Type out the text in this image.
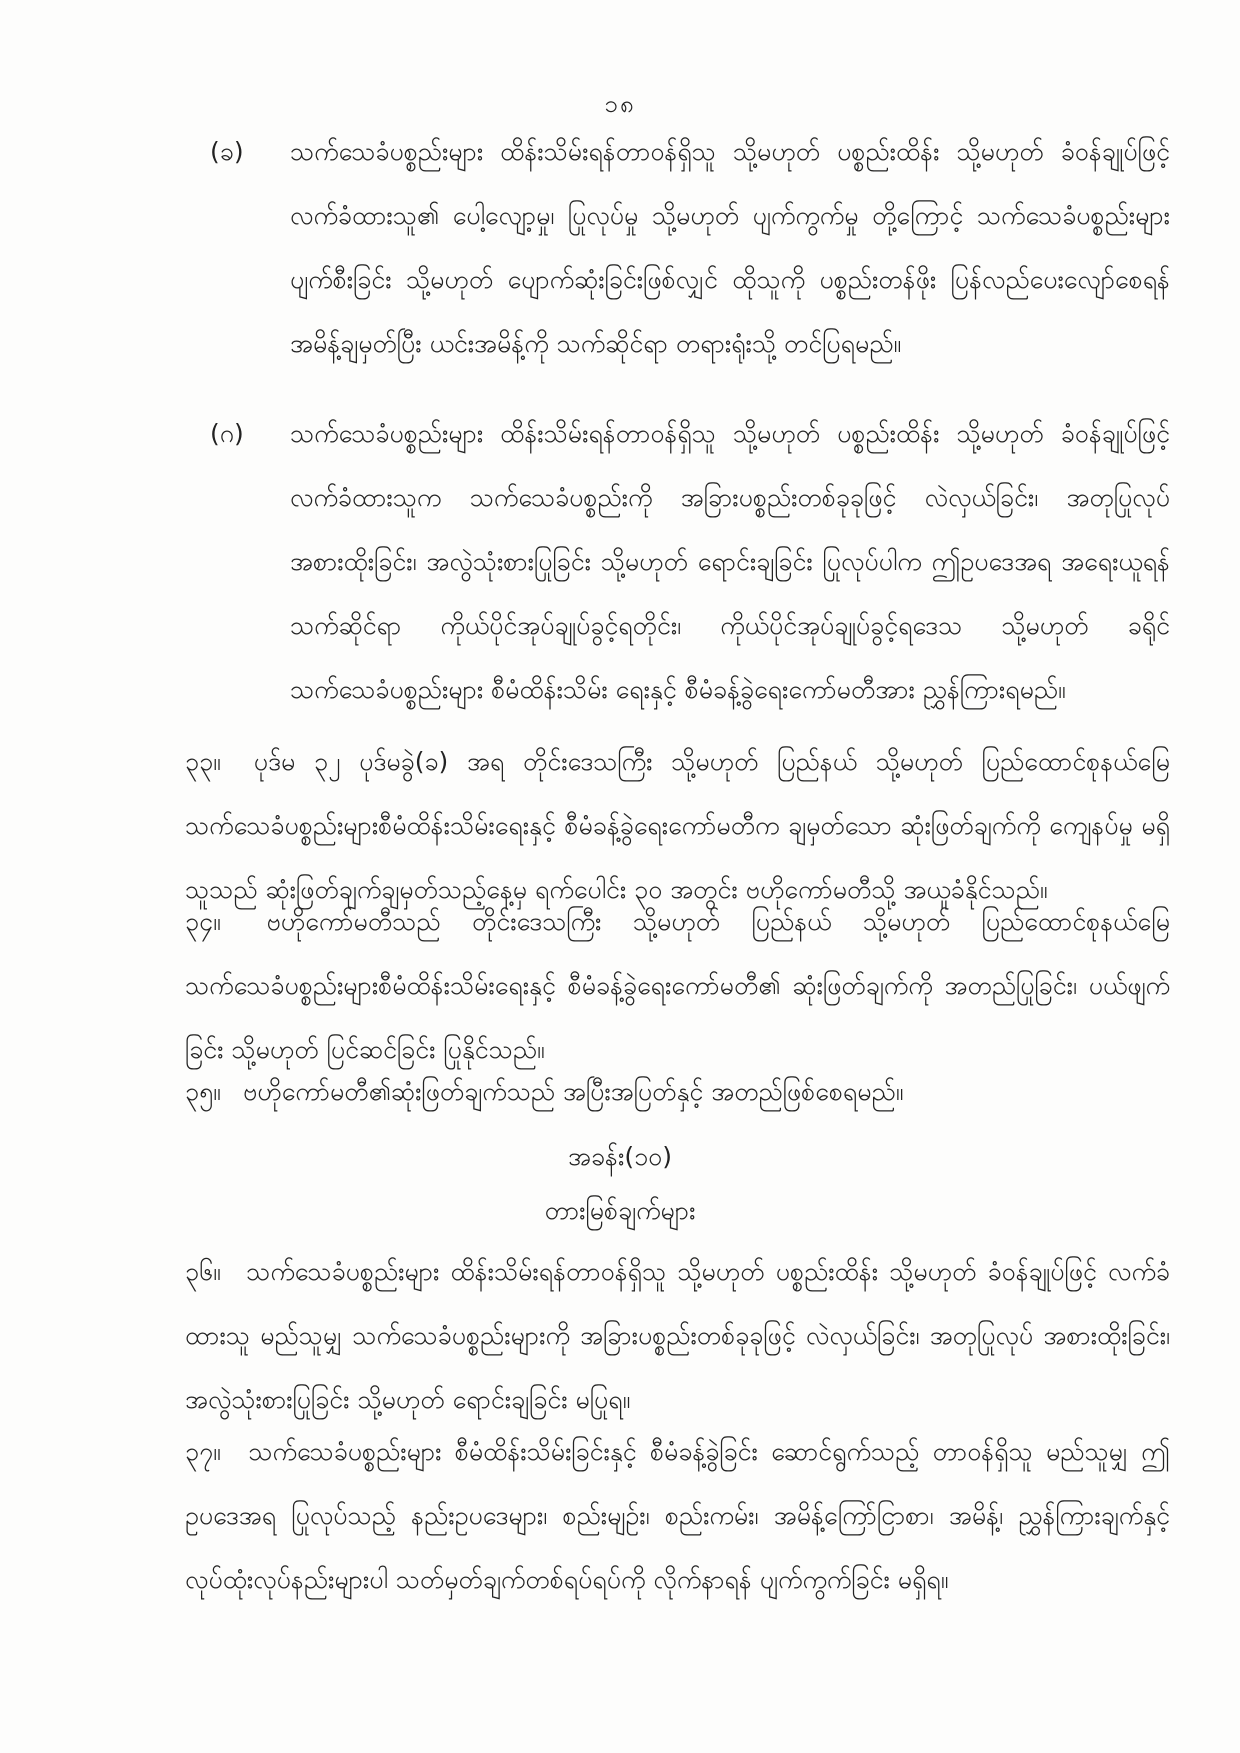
၁၈
(ခ)	သက်သေခံပစ္စည်းများ ထိန်းသိမ်းရန်တာဝန်ရှိသူ သို့မဟုတ် ပစ္စည်းထိန်း သို့မဟုတ် ခံဝန်ချုပ်ဖြင့် လက်ခံထားသူ၏ ပေါ့လျော့မှု၊ ပြုလုပ်မှု သို့မဟုတ် ပျက်ကွက်မှု တို့ကြောင့် သက်သေခံပစ္စည်းများ ပျက်စီးခြင်း သို့မဟုတ် ပျောက်ဆုံးခြင်းဖြစ်လျှင် ထိုသူကို ပစ္စည်းတန်ဖိုး ပြန်လည်ပေးလျော်စေရန် အမိန့်ချမှတ်ပြီး ယင်းအမိန့်ကို သက်ဆိုင်ရာ တရားရုံးသို့ တင်ပြရမည်။
(ဂ)	သက်သေခံပစ္စည်းများ ထိန်းသိမ်းရန်တာဝန်ရှိသူ သို့မဟုတ် ပစ္စည်းထိန်း သို့မဟုတ် ခံဝန်ချုပ်ဖြင့်လက်ခံထားသူက သက်သေခံပစ္စည်းကို အခြားပစ္စည်းတစ်ခုခုဖြင့် လဲလှယ်ခြင်း၊ အတုပြုလုပ်အစားထိုးခြင်း၊ အလွဲသုံးစားပြုခြင်း သို့မဟုတ် ရောင်းချခြင်း ပြုလုပ်ပါက ဤဥပဒေအရ အရေးယူရန် သက်ဆိုင်ရာ ကိုယ်ပိုင်အုပ်ချုပ်ခွင့်ရတိုင်း၊ ကိုယ်ပိုင်အုပ်ချုပ်ခွင့်ရဒေသ သို့မဟုတ် ခရိုင်သက်သေခံပစ္စည်းများ စီမံထိန်းသိမ်း ရေးနှင့် စီမံခန့်ခွဲရေးကော်မတီအား ညွှန်ကြားရမည်။
၃၃။ ပုဒ်မ ၃၂ ပုဒ်မခွဲ(ခ) အရ တိုင်းဒေသကြီး သို့မဟုတ် ပြည်နယ် သို့မဟုတ် ပြည်ထောင်စုနယ်မြေ သက်သေခံပစ္စည်းများစီမံထိန်းသိမ်းရေးနှင့် စီမံခန့်ခွဲရေးကော်မတီက ချမှတ်သော ဆုံးဖြတ်ချက်ကို ကျေနပ်မှု မရှိသူသည် ဆုံးဖြတ်ချက်ချမှတ်သည့်နေ့မှ ရက်ပေါင်း ၃၀ အတွင်း ဗဟိုကော်မတီသို့ အယူခံနိုင်သည်။
၃၄။ ဗဟိုကော်မတီသည် တိုင်းဒေသကြီး သို့မဟုတ် ပြည်နယ် သို့မဟုတ် ပြည်ထောင်စုနယ်မြေ သက်သေခံပစ္စည်းများစီမံထိန်းသိမ်းရေးနှင့် စီမံခန့်ခွဲရေးကော်မတီ၏ ဆုံးဖြတ်ချက်ကို အတည်ပြုခြင်း၊ ပယ်ဖျက်ခြင်း သို့မဟုတ် ပြင်ဆင်ခြင်း ပြုနိုင်သည်။
၃၅။ ဗဟိုကော်မတီ၏ဆုံးဖြတ်ချက်သည် အပြီးအပြတ်နှင့် အတည်ဖြစ်စေရမည်။
အခန်း(၁၀)
တားမြစ်ချက်များ
၃၆။ သက်သေခံပစ္စည်းများ ထိန်းသိမ်းရန်တာဝန်ရှိသူ သို့မဟုတ် ပစ္စည်းထိန်း သို့မဟုတ် ခံဝန်ချုပ်ဖြင့် လက်ခံထားသူ မည်သူမျှ သက်သေခံပစ္စည်းများကို အခြားပစ္စည်းတစ်ခုခုဖြင့် လဲလှယ်ခြင်း၊ အတုပြုလုပ် အစားထိုးခြင်း၊ အလွဲသုံးစားပြုခြင်း သို့မဟုတ် ရောင်းချခြင်း မပြုရ။
၃၇။ သက်သေခံပစ္စည်းများ စီမံထိန်းသိမ်းခြင်းနှင့် စီမံခန့်ခွဲခြင်း ဆောင်ရွက်သည့် တာဝန်ရှိသူ မည်သူမျှ ဤဥပဒေအရ ပြုလုပ်သည့် နည်းဥပဒေများ၊ စည်းမျဉ်း၊ စည်းကမ်း၊ အမိန့်ကြော်ငြာစာ၊ အမိန့်၊ ညွှန်ကြားချက်နှင့် လုပ်ထုံးလုပ်နည်းများပါ သတ်မှတ်ချက်တစ်ရပ်ရပ်ကို လိုက်နာရန် ပျက်ကွက်ခြင်း မရှိရ။
